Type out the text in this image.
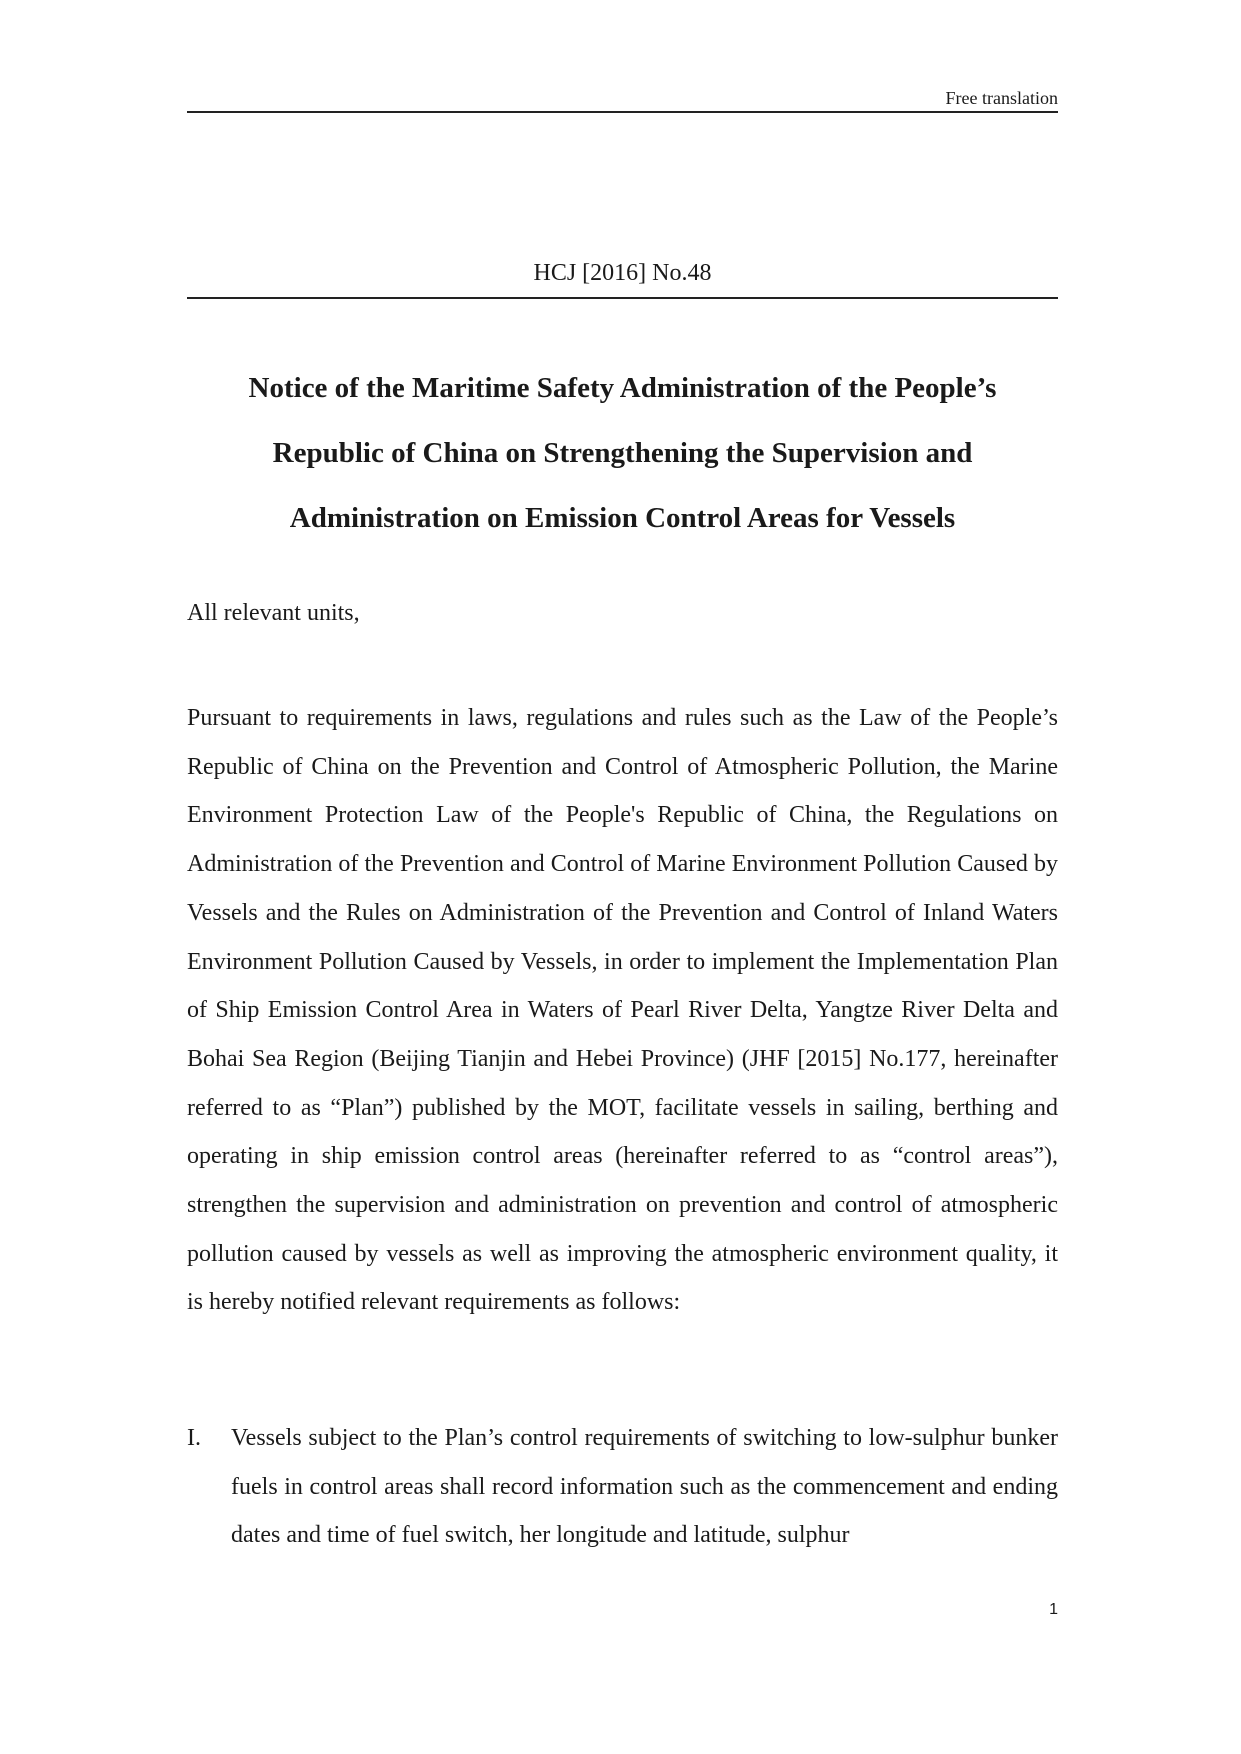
Free translation
HCJ [2016] No.48
Notice of the Maritime Safety Administration of the People’s
Republic of China on Strengthening the Supervision and
Administration on Emission Control Areas for Vessels
All relevant units,
Pursuant to requirements in laws, regulations and rules such as the Law of the People’s Republic of China on the Prevention and Control of Atmospheric Pollution, the Marine Environment Protection Law of the People's Republic of China, the Regulations on Administration of the Prevention and Control of Marine Environment Pollution Caused by Vessels and the Rules on Administration of the Prevention and Control of Inland Waters Environment Pollution Caused by Vessels, in order to implement the Implementation Plan of Ship Emission Control Area in Waters of Pearl River Delta, Yangtze River Delta and Bohai Sea Region (Beijing Tianjin and Hebei Province) (JHF [2015] No.177, hereinafter referred to as “Plan”) published by the MOT, facilitate vessels in sailing, berthing and operating in ship emission control areas (hereinafter referred to as “control areas”), strengthen the supervision and administration on prevention and control of atmospheric pollution caused by vessels as well as improving the atmospheric environment quality, it is hereby notified relevant requirements as follows:
I. Vessels subject to the Plan’s control requirements of switching to low-sulphur bunker fuels in control areas shall record information such as the commencement and ending dates and time of fuel switch, her longitude and latitude, sulphur
1
